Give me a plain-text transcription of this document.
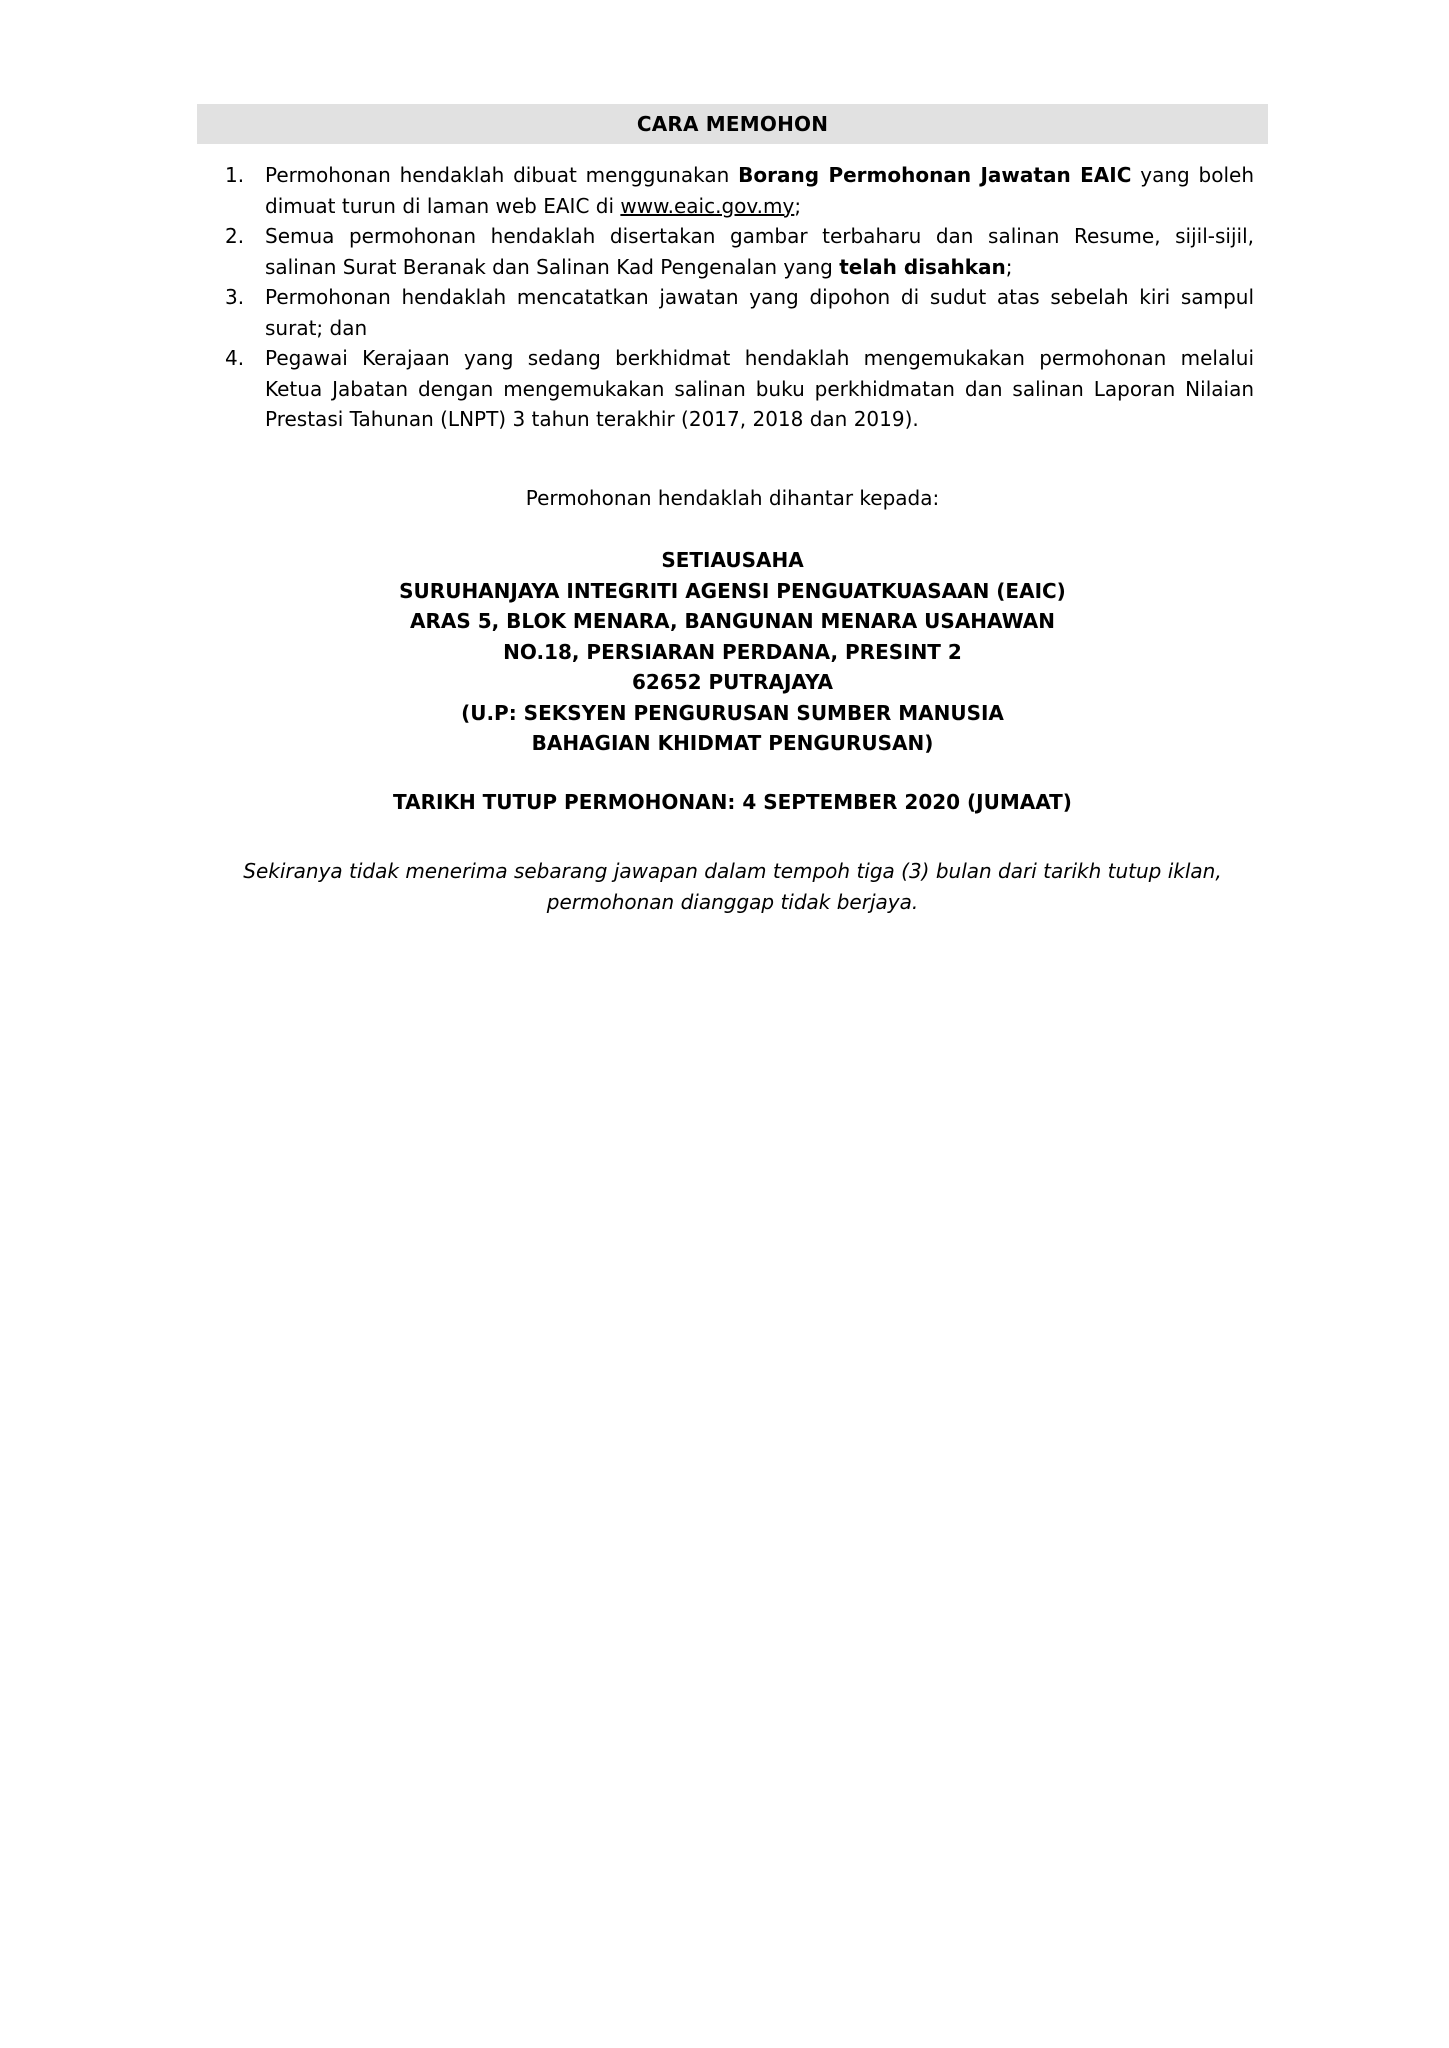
CARA MEMOHON
1.	Permohonan hendaklah dibuat menggunakan Borang Permohonan Jawatan EAIC yang boleh dimuat turun di laman web EAIC di www.eaic.gov.my;
2.	Semua permohonan hendaklah disertakan gambar terbaharu dan salinan Resume, sijil-sijil, salinan Surat Beranak dan Salinan Kad Pengenalan yang telah disahkan;
3.	Permohonan hendaklah mencatatkan jawatan yang dipohon di sudut atas sebelah kiri sampul surat; dan
4.	Pegawai Kerajaan yang sedang berkhidmat hendaklah mengemukakan permohonan melalui Ketua Jabatan dengan mengemukakan salinan buku perkhidmatan dan salinan Laporan Nilaian Prestasi Tahunan (LNPT) 3 tahun terakhir (2017, 2018 dan 2019).
Permohonan hendaklah dihantar kepada:
SETIAUSAHA
SURUHANJAYA INTEGRITI AGENSI PENGUATKUASAAN (EAIC)
ARAS 5, BLOK MENARA, BANGUNAN MENARA USAHAWAN
NO.18, PERSIARAN PERDANA, PRESINT 2
62652 PUTRAJAYA
(U.P: SEKSYEN PENGURUSAN SUMBER MANUSIA
BAHAGIAN KHIDMAT PENGURUSAN)
TARIKH TUTUP PERMOHONAN: 4 SEPTEMBER 2020 (JUMAAT)
Sekiranya tidak menerima sebarang jawapan dalam tempoh tiga (3) bulan dari tarikh tutup iklan,
permohonan dianggap tidak berjaya.
